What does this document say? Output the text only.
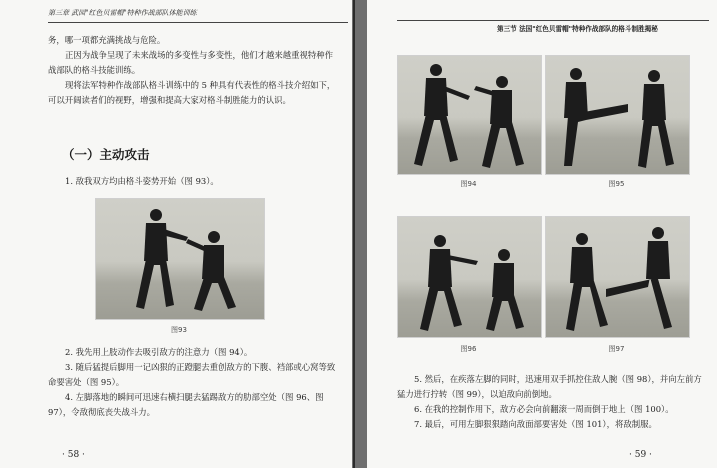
第三章 武园"红色贝雷帽"特种作战部队体能训练

务，哪一项都充满挑战与危险。

正因为战争呈现了未来战场的多变性与多变性，他们才越来越重视特种作战部队的格斗技能训练。

现将法军特种作战部队格斗训练中的 5 种具有代表性的格斗技介绍如下，可以开阔读者们的视野，增强和提高大家对格斗制胜能力的认识。

（一）主动攻击

1. 敌我双方均由格斗姿势开始（图 93）。

图93

2. 我先用上肢动作去吸引敌方的注意力（图 94）。

3. 随后猛提后脚用一记凶狠的正蹬腿去重创敌方的下腹、裆部或心窝等致命要害处（图 95）。

4. 左脚落地的瞬间可迅速右横扫腿去猛踢敌方的肋部空处（图 96、图 97），令敌彻底丧失战斗力。

· 58 ·
第三节 法国"红色贝雷帽"特种作战部队的格斗制胜揭秘
图94	图95
图96	图97

5. 然后，在疾落左脚的同时，迅速用双手抓控住敌人腕（图 98），并向左前方猛力进行拧转（图 99），以迫敌向前倒地。

6. 在我的控制作用下，敌方必会向前翻滚一周而倒于地上（图 100）。

7. 最后，可用左脚狠狠踏向敌面部要害处（图 101），将敌制服。

· 59 ·
